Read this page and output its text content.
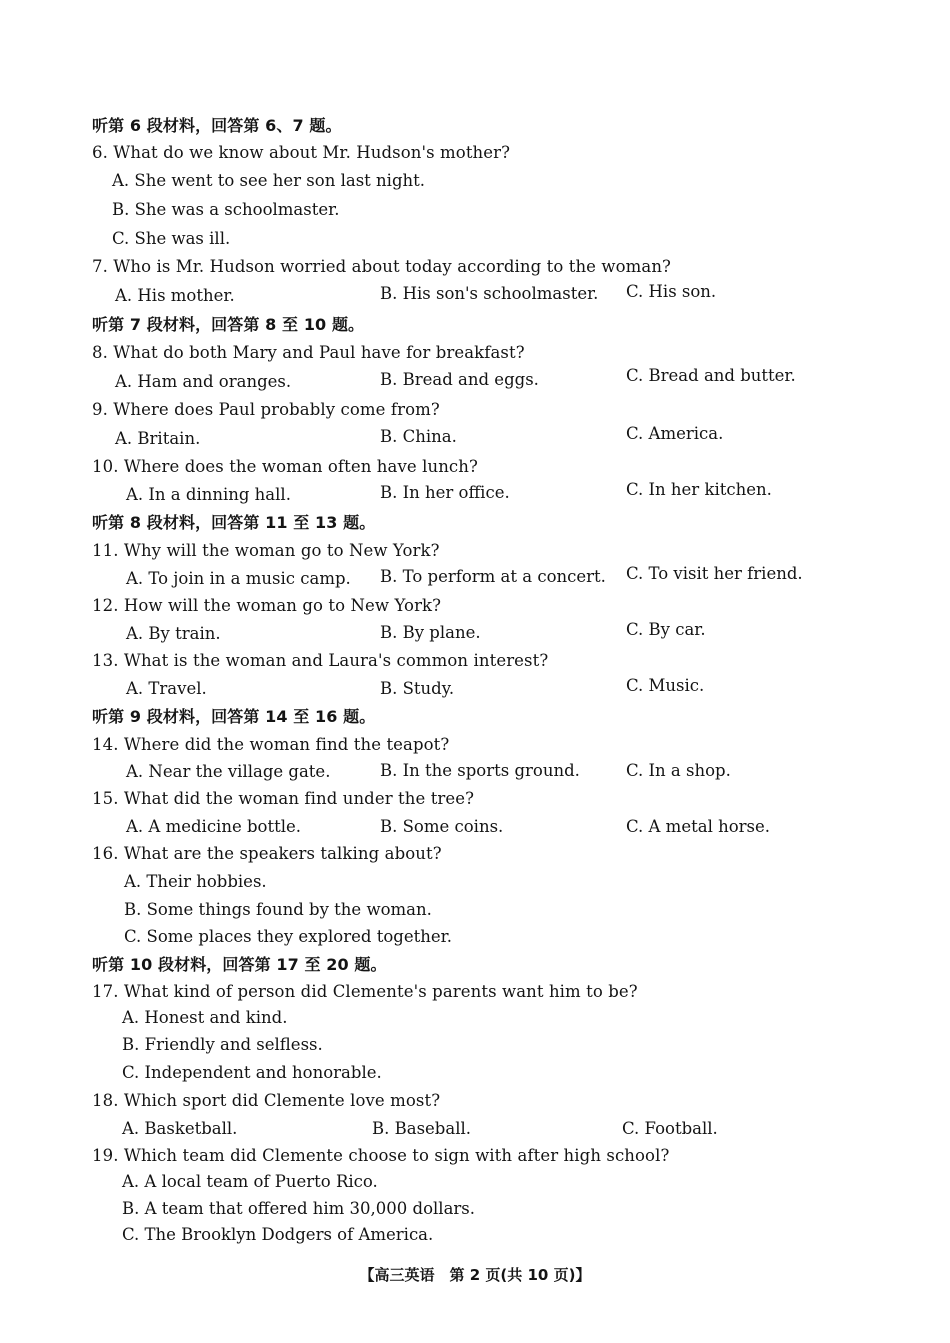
听第 6 段材料，回答第 6、7 题。
6. What do we know about Mr. Hudson's mother?
A. She went to see her son last night.
B. She was a schoolmaster.
C. She was ill.
7. Who is Mr. Hudson worried about today according to the woman?
A. His mother.	B. His son's schoolmaster. C. His son.
听第 7 段材料，回答第 8 至 10 题。
8. What do both Mary and Paul have for breakfast?
A. Ham and oranges.	B. Bread and eggs.	C. Bread and butter.
9. Where does Paul probably come from?
A. Britain.	B. China.	C. America.
10. Where does the woman often have lunch?
A. In a dinning hall.	B. In her office.	C. In her kitchen.
听第 8 段材料，回答第 11 至 13 题。
11. Why will the woman go to New York?
A. To join in a music camp. B. To perform at a concert. C. To visit her friend.
12. How will the woman go to New York?
A. By train.	B. By plane.	C. By car.
13. What is the woman and Laura's common interest?
A. Travel.	B. Study.	C. Music.
听第 9 段材料，回答第 14 至 16 题。
14. Where did the woman find the teapot?
A. Near the village gate.	B. In the sports ground.	C. In a shop.
15. What did the woman find under the tree?
A. A medicine bottle.	B. Some coins.	C. A metal horse.
16. What are the speakers talking about?
A. Their hobbies.
B. Some things found by the woman.
C. Some places they explored together.
听第 10 段材料，回答第 17 至 20 题。
17. What kind of person did Clemente's parents want him to be?
A. Honest and kind.
B. Friendly and selfless.
C. Independent and honorable.
18. Which sport did Clemente love most?
A. Basketball.	B. Baseball.	C. Football.
19. Which team did Clemente choose to sign with after high school?
A. A local team of Puerto Rico.
B. A team that offered him 30,000 dollars.
C. The Brooklyn Dodgers of America.
【高三英语　第 2 页(共 10 页)】
